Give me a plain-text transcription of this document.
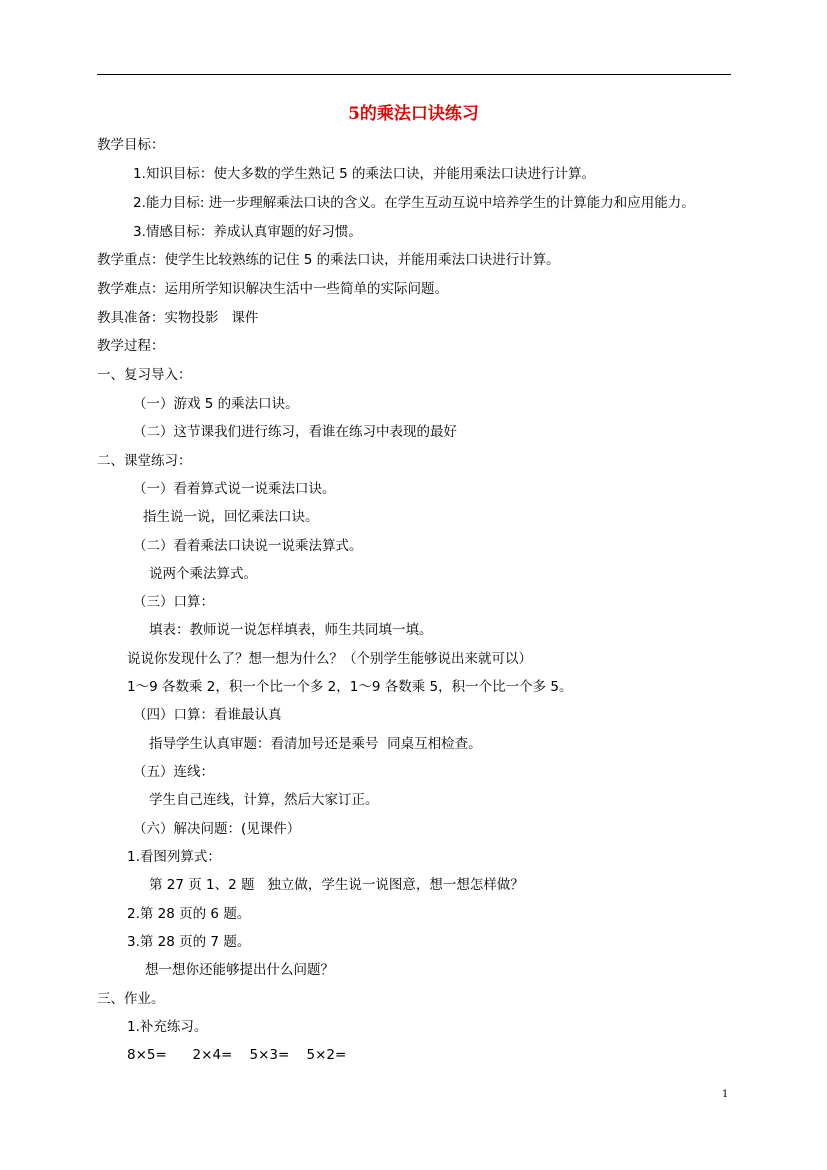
5的乘法口诀练习
教学目标：
1.知识目标：使大多数的学生熟记 5 的乘法口诀，并能用乘法口诀进行计算。
2.能力目标: 进一步理解乘法口诀的含义。在学生互动互说中培养学生的计算能力和应用能力。
3.情感目标：养成认真审题的好习惯。
教学重点：使学生比较熟练的记住 5 的乘法口诀，并能用乘法口诀进行计算。
教学难点：运用所学知识解决生活中一些简单的实际问题。
教具准备：实物投影   课件
教学过程：
一、复习导入：
（一）游戏 5 的乘法口诀。
（二）这节课我们进行练习，看谁在练习中表现的最好
二、课堂练习：
（一）看着算式说一说乘法口诀。
指生说一说，回忆乘法口诀。
（二）看着乘法口诀说一说乘法算式。
说两个乘法算式。
（三）口算：
填表：教师说一说怎样填表，师生共同填一填。
说说你发现什么了？想一想为什么？（个别学生能够说出来就可以）
1～9 各数乘 2，积一个比一个多 2，1～9 各数乘 5，积一个比一个多 5。
（四）口算：看谁最认真
指导学生认真审题：看清加号还是乘号  同桌互相检查。
（五）连线：
学生自己连线，计算，然后大家订正。
（六）解决问题：(见课件）
1.看图列算式：
第 27 页 1、2 题   独立做，学生说一说图意，想一想怎样做？
2.第 28 页的 6 题。
3.第 28 页的 7 题。
想一想你还能够提出什么问题？
三、作业。
1.补充练习。
8×5=      2×4=    5×3=    5×2=
1
